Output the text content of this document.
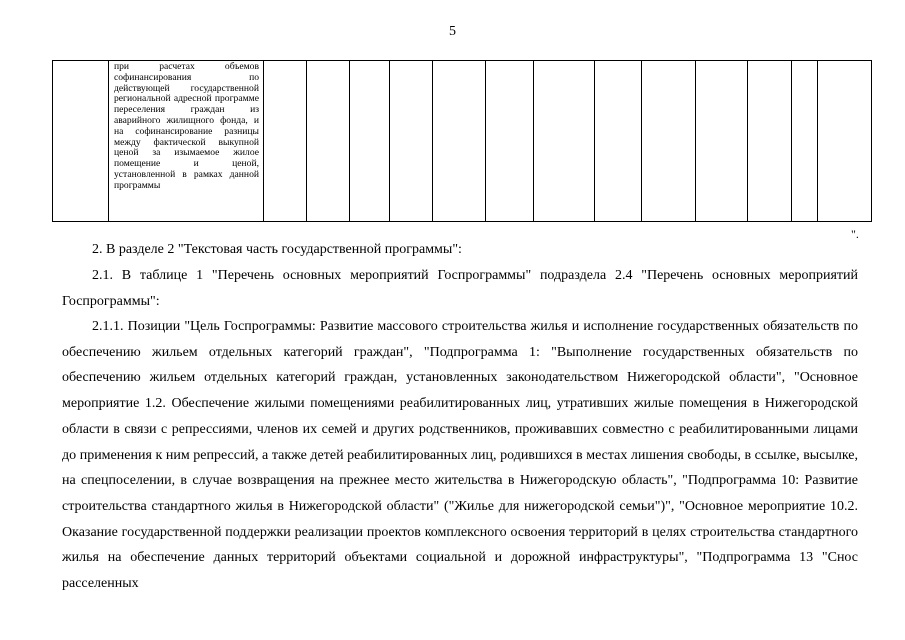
5

при расчетах объемов софинансирования по действующей государственной региональной адресной программе переселения граждан из аварийного жилищного фонда, и на софинансирование разницы между фактической выкупной ценой за изымаемое жилое помещение и ценой, установленной в рамках данной программы

".

2. В разделе 2 "Текстовая часть государственной программы":

2.1. В таблице 1 "Перечень основных мероприятий Госпрограммы" подраздела 2.4 "Перечень основных мероприятий Госпрограммы":

2.1.1. Позиции "Цель Госпрограммы: Развитие массового строительства жилья и исполнение государственных обязательств по обеспечению жильем отдельных категорий граждан", "Подпрограмма 1: "Выполнение государственных обязательств по обеспечению жильем отдельных категорий граждан, установленных законодательством Нижегородской области", "Основное мероприятие 1.2. Обеспечение жилыми помещениями реабилитированных лиц, утративших жилые помещения в Нижегородской области в связи с репрессиями, членов их семей и других родственников, проживавших совместно с реабилитированными лицами до применения к ним репрессий, а также детей реабилитированных лиц, родившихся в местах лишения свободы, в ссылке, высылке, на спецпоселении, в случае возвращения на прежнее место жительства в Нижегородскую область", "Подпрограмма 10: Развитие строительства стандартного жилья в Нижегородской области" ("Жилье для нижегородской семьи")", "Основное мероприятие 10.2. Оказание государственной поддержки реализации проектов комплексного освоения территорий в целях строительства стандартного жилья на обеспечение данных территорий объектами социальной и дорожной инфраструктуры", "Подпрограмма 13 "Снос расселенных
